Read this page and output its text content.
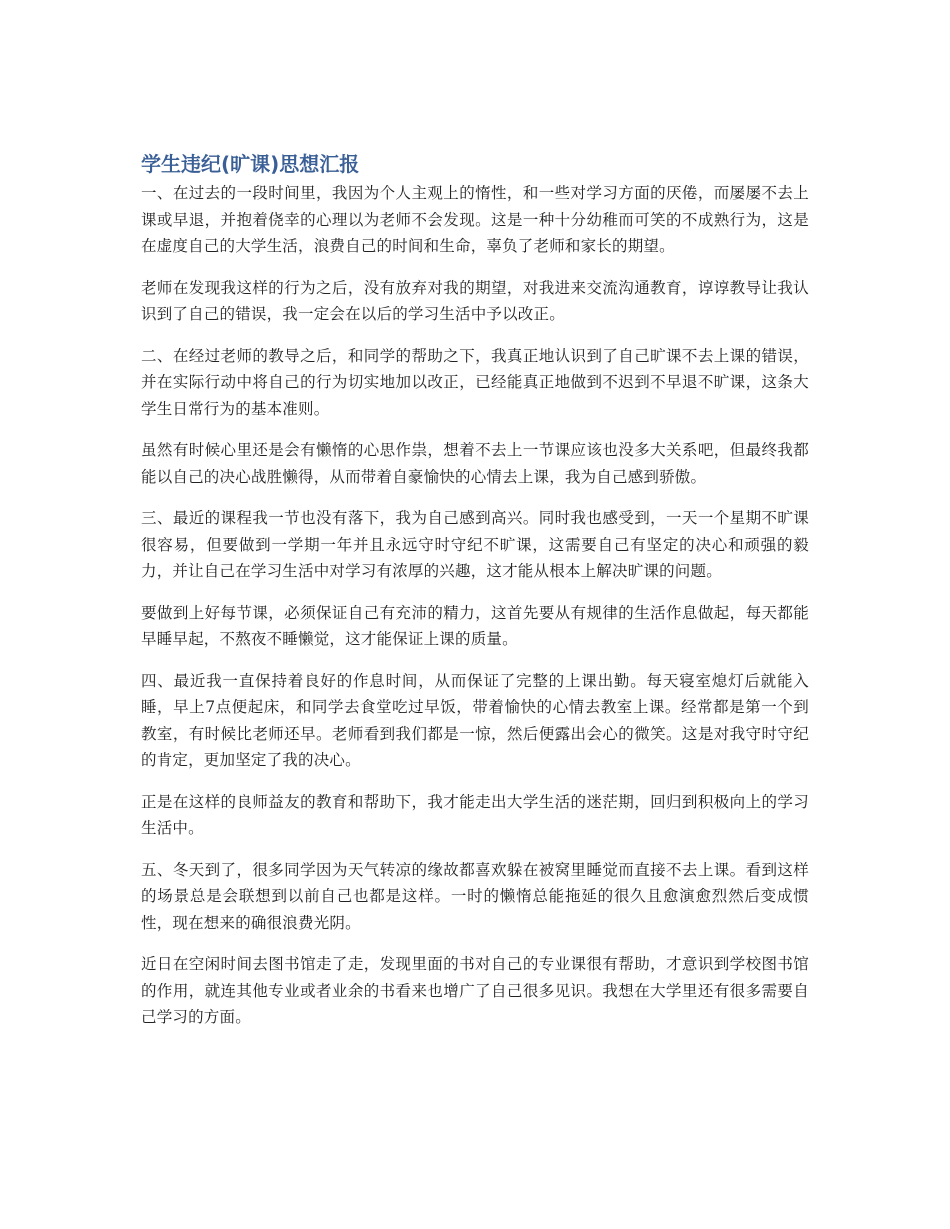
学生违纪(旷课)思想汇报

一、在过去的一段时间里，我因为个人主观上的惰性，和一些对学习方面的厌倦，而屡屡不去上课或早退，并抱着侥幸的心理以为老师不会发现。这是一种十分幼稚而可笑的不成熟行为，这是在虚度自己的大学生活，浪费自己的时间和生命，辜负了老师和家长的期望。

老师在发现我这样的行为之后，没有放弃对我的期望，对我进来交流沟通教育，谆谆教导让我认识到了自己的错误，我一定会在以后的学习生活中予以改正。

二、在经过老师的教导之后，和同学的帮助之下，我真正地认识到了自己旷课不去上课的错误，并在实际行动中将自己的行为切实地加以改正，已经能真正地做到不迟到不早退不旷课，这条大学生日常行为的基本准则。

虽然有时候心里还是会有懒惰的心思作祟，想着不去上一节课应该也没多大关系吧，但最终我都能以自己的决心战胜懒得，从而带着自豪愉快的心情去上课，我为自己感到骄傲。

三、最近的课程我一节也没有落下，我为自己感到高兴。同时我也感受到，一天一个星期不旷课很容易，但要做到一学期一年并且永远守时守纪不旷课，这需要自己有坚定的决心和顽强的毅力，并让自己在学习生活中对学习有浓厚的兴趣，这才能从根本上解决旷课的问题。

要做到上好每节课，必须保证自己有充沛的精力，这首先要从有规律的生活作息做起，每天都能早睡早起，不熬夜不睡懒觉，这才能保证上课的质量。

四、最近我一直保持着良好的作息时间，从而保证了完整的上课出勤。每天寝室熄灯后就能入睡，早上7点便起床，和同学去食堂吃过早饭，带着愉快的心情去教室上课。经常都是第一个到教室，有时候比老师还早。老师看到我们都是一惊，然后便露出会心的微笑。这是对我守时守纪的肯定，更加坚定了我的决心。

正是在这样的良师益友的教育和帮助下，我才能走出大学生活的迷茫期，回归到积极向上的学习生活中。

五、冬天到了，很多同学因为天气转凉的缘故都喜欢躲在被窝里睡觉而直接不去上课。看到这样的场景总是会联想到以前自己也都是这样。一时的懒惰总能拖延的很久且愈演愈烈然后变成惯性，现在想来的确很浪费光阴。

近日在空闲时间去图书馆走了走，发现里面的书对自己的专业课很有帮助，才意识到学校图书馆的作用，就连其他专业或者业余的书看来也增广了自己很多见识。我想在大学里还有很多需要自己学习的方面。
